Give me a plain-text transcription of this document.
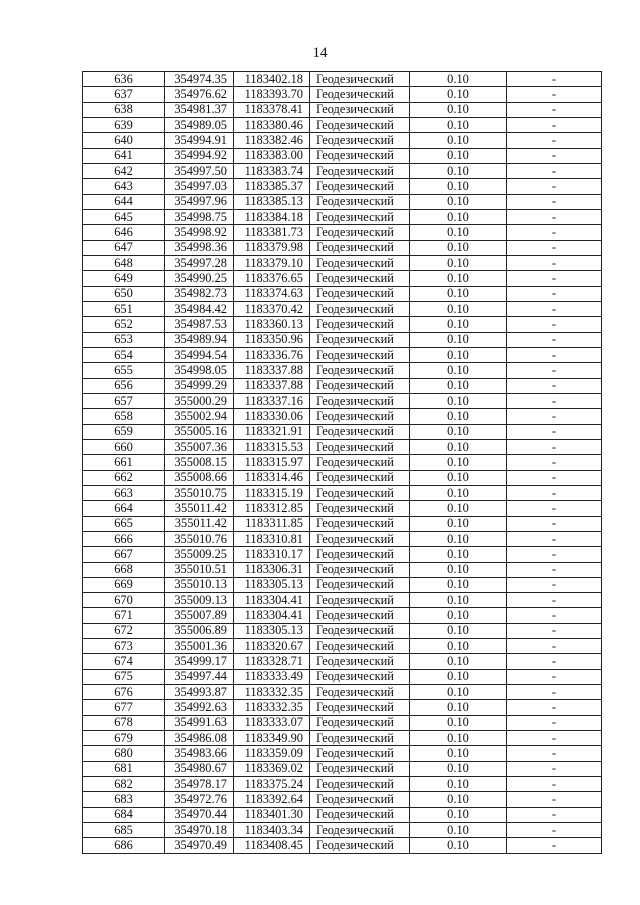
14
636	354974.35	1183402.18	Геодезический	0.10	-
637	354976.62	1183393.70	Геодезический	0.10	-
638	354981.37	1183378.41	Геодезический	0.10	-
639	354989.05	1183380.46	Геодезический	0.10	-
640	354994.91	1183382.46	Геодезический	0.10	-
641	354994.92	1183383.00	Геодезический	0.10	-
642	354997.50	1183383.74	Геодезический	0.10	-
643	354997.03	1183385.37	Геодезический	0.10	-
644	354997.96	1183385.13	Геодезический	0.10	-
645	354998.75	1183384.18	Геодезический	0.10	-
646	354998.92	1183381.73	Геодезический	0.10	-
647	354998.36	1183379.98	Геодезический	0.10	-
648	354997.28	1183379.10	Геодезический	0.10	-
649	354990.25	1183376.65	Геодезический	0.10	-
650	354982.73	1183374.63	Геодезический	0.10	-
651	354984.42	1183370.42	Геодезический	0.10	-
652	354987.53	1183360.13	Геодезический	0.10	-
653	354989.94	1183350.96	Геодезический	0.10	-
654	354994.54	1183336.76	Геодезический	0.10	-
655	354998.05	1183337.88	Геодезический	0.10	-
656	354999.29	1183337.88	Геодезический	0.10	-
657	355000.29	1183337.16	Геодезический	0.10	-
658	355002.94	1183330.06	Геодезический	0.10	-
659	355005.16	1183321.91	Геодезический	0.10	-
660	355007.36	1183315.53	Геодезический	0.10	-
661	355008.15	1183315.97	Геодезический	0.10	-
662	355008.66	1183314.46	Геодезический	0.10	-
663	355010.75	1183315.19	Геодезический	0.10	-
664	355011.42	1183312.85	Геодезический	0.10	-
665	355011.42	1183311.85	Геодезический	0.10	-
666	355010.76	1183310.81	Геодезический	0.10	-
667	355009.25	1183310.17	Геодезический	0.10	-
668	355010.51	1183306.31	Геодезический	0.10	-
669	355010.13	1183305.13	Геодезический	0.10	-
670	355009.13	1183304.41	Геодезический	0.10	-
671	355007.89	1183304.41	Геодезический	0.10	-
672	355006.89	1183305.13	Геодезический	0.10	-
673	355001.36	1183320.67	Геодезический	0.10	-
674	354999.17	1183328.71	Геодезический	0.10	-
675	354997.44	1183333.49	Геодезический	0.10	-
676	354993.87	1183332.35	Геодезический	0.10	-
677	354992.63	1183332.35	Геодезический	0.10	-
678	354991.63	1183333.07	Геодезический	0.10	-
679	354986.08	1183349.90	Геодезический	0.10	-
680	354983.66	1183359.09	Геодезический	0.10	-
681	354980.67	1183369.02	Геодезический	0.10	-
682	354978.17	1183375.24	Геодезический	0.10	-
683	354972.76	1183392.64	Геодезический	0.10	-
684	354970.44	1183401.30	Геодезический	0.10	-
685	354970.18	1183403.34	Геодезический	0.10	-
686	354970.49	1183408.45	Геодезический	0.10	-
